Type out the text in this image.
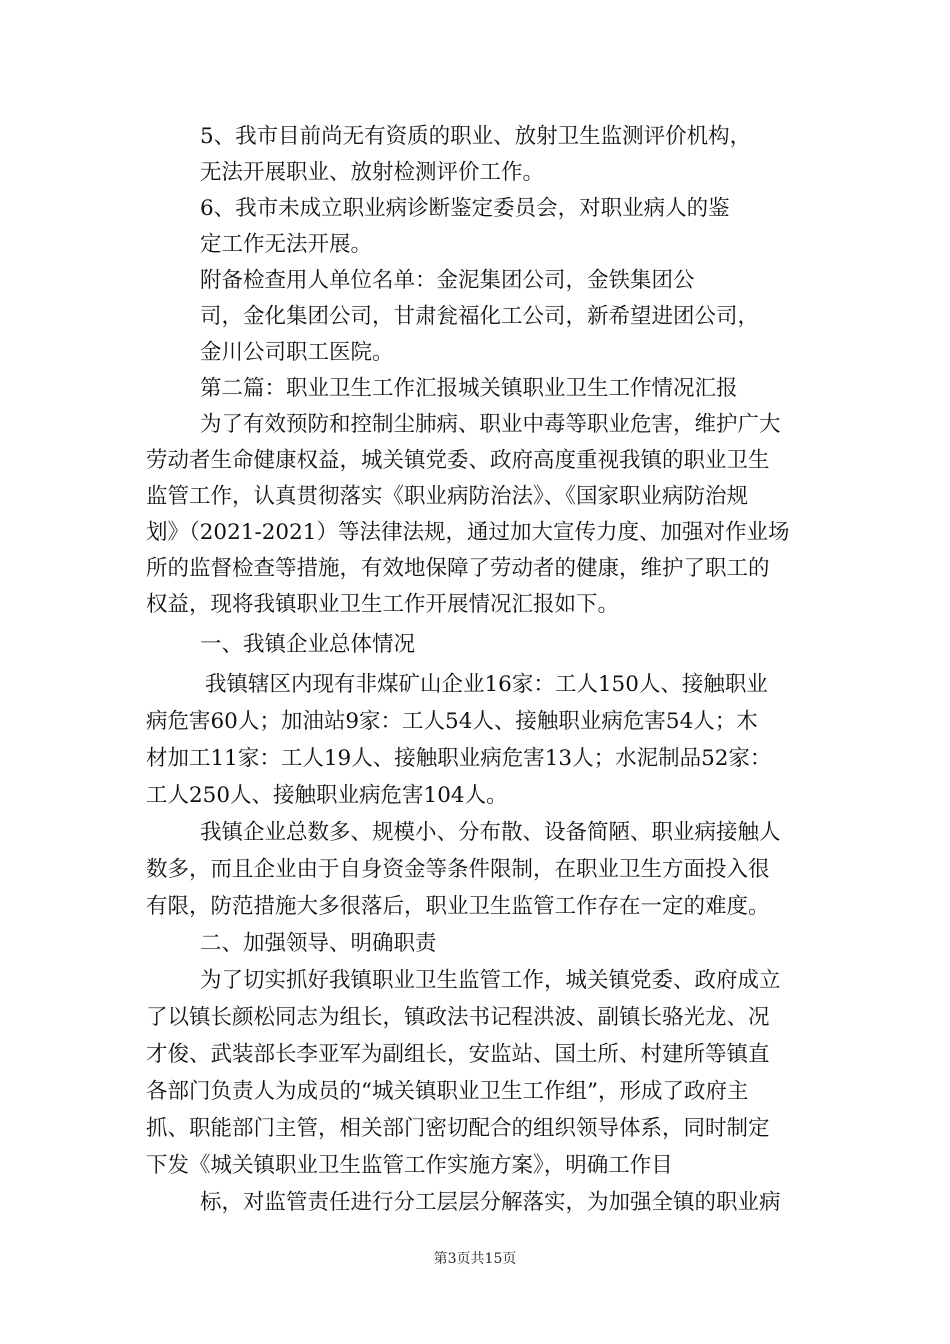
5、我市目前尚无有资质的职业、放射卫生监测评价机构，
无法开展职业、放射检测评价工作。
6、我市未成立职业病诊断鉴定委员会，对职业病人的鉴
定工作无法开展。
附备检查用人单位名单：金泥集团公司，金铁集团公
司，金化集团公司，甘肃瓮福化工公司，新希望进团公司，
金川公司职工医院。
第二篇：职业卫生工作汇报城关镇职业卫生工作情况汇报
为了有效预防和控制尘肺病、职业中毒等职业危害，维护广大
劳动者生命健康权益，城关镇党委、政府高度重视我镇的职业卫生
监管工作，认真贯彻落实《职业病防治法》、《国家职业病防治规
划》（2021-2021）等法律法规，通过加大宣传力度、加强对作业场
所的监督检查等措施，有效地保障了劳动者的健康，维护了职工的
权益，现将我镇职业卫生工作开展情况汇报如下。
一、我镇企业总体情况
我镇辖区内现有非煤矿山企业16家：工人150人、接触职业
病危害60人；加油站9家：工人54人、接触职业病危害54人；木
材加工11家：工人19人、接触职业病危害13人；水泥制品52家：
工人250人、接触职业病危害104人。
我镇企业总数多、规模小、分布散、设备简陋、职业病接触人
数多，而且企业由于自身资金等条件限制，在职业卫生方面投入很
有限，防范措施大多很落后，职业卫生监管工作存在一定的难度。
二、加强领导、明确职责
为了切实抓好我镇职业卫生监管工作，城关镇党委、政府成立
了以镇长颜松同志为组长，镇政法书记程洪波、副镇长骆光龙、况
才俊、武装部长李亚军为副组长，安监站、国土所、村建所等镇直
各部门负责人为成员的“城关镇职业卫生工作组”，形成了政府主
抓、职能部门主管，相关部门密切配合的组织领导体系，同时制定
下发《城关镇职业卫生监管工作实施方案》，明确工作目
标，对监管责任进行分工层层分解落实，为加强全镇的职业病
第3页共15页
